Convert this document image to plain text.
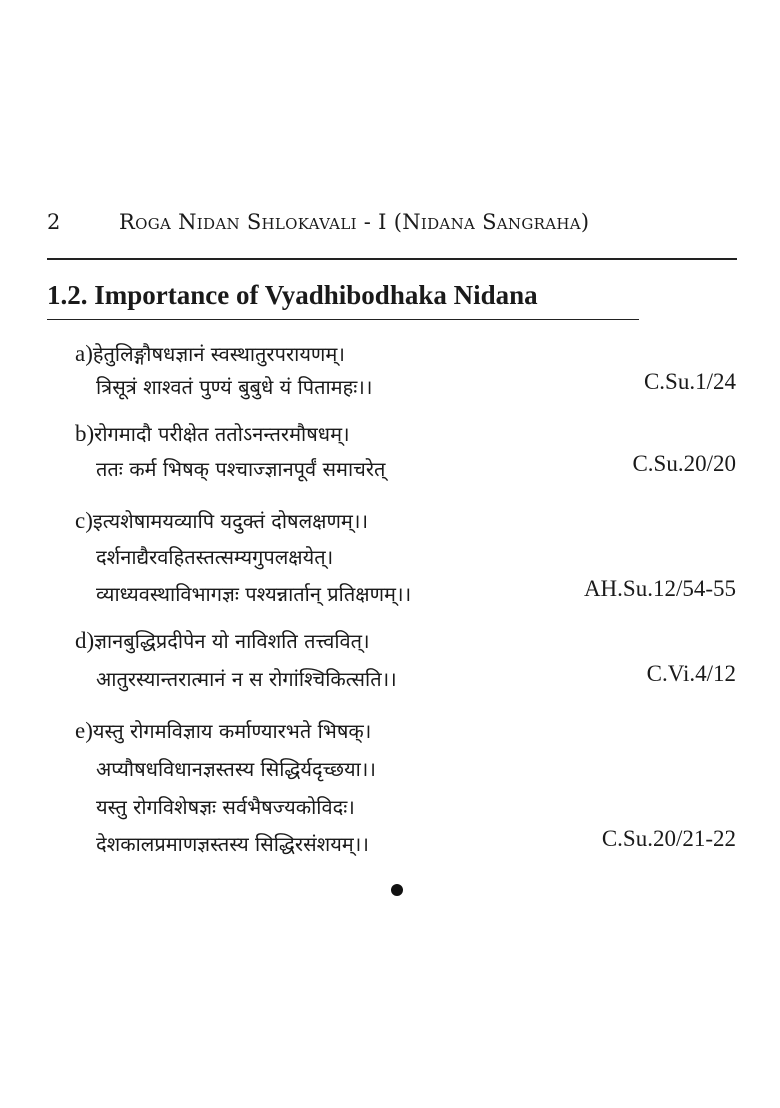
2	Roga Nidan Shlokavali - I (Nidana Sangraha)
1.2. Importance of Vyadhibodhaka Nidana
a)हेतुलिङ्गौषधज्ञानं स्वस्थातुरपरायणम्।
त्रिसूत्रं शाश्वतं पुण्यं बुबुधे यं पितामहः।।	C.Su.1/24
b)रोगमादौ परीक्षेत ततोऽनन्तरमौषधम्।
ततः कर्म भिषक् पश्चाज्ज्ञानपूर्वं समाचरेत्	C.Su.20/20
c)इत्यशेषामयव्यापि यदुक्तं दोषलक्षणम्।।
दर्शनाद्यैरवहितस्तत्सम्यगुपलक्षयेत्।
व्याध्यवस्थाविभागज्ञः पश्यन्नार्तान् प्रतिक्षणम्।।	AH.Su.12/54-55
d)ज्ञानबुद्धिप्रदीपेन यो नाविशति तत्त्ववित्।
आतुरस्यान्तरात्मानं न स रोगांश्चिकित्सति।।	C.Vi.4/12
e)यस्तु रोगमविज्ञाय कर्माण्यारभते भिषक्।
अप्यौषधविधानज्ञस्तस्य सिद्धिर्यदृच्छया।।
यस्तु रोगविशेषज्ञः सर्वभैषज्यकोविदः।
देशकालप्रमाणज्ञस्तस्य सिद्धिरसंशयम्।।	C.Su.20/21-22
